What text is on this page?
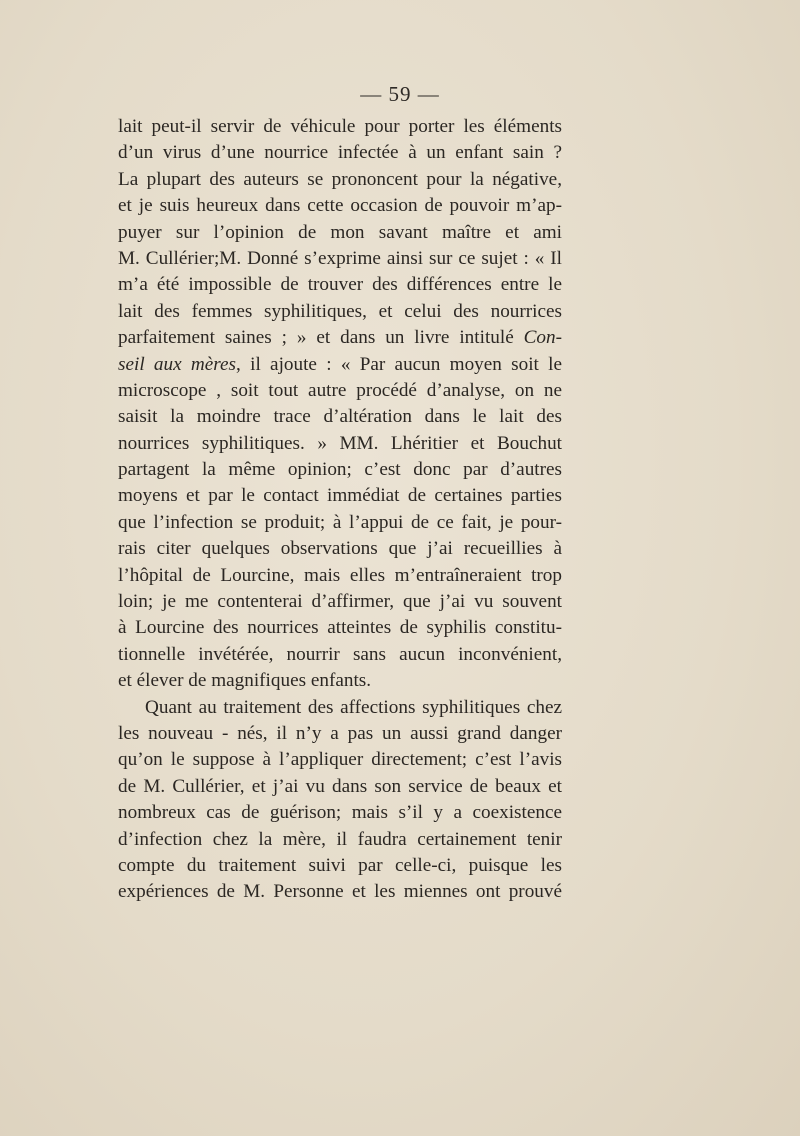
— 59 —
lait peut-il servir de véhicule pour porter les éléments
d’un virus d’une nourrice infectée à un enfant sain ?
La plupart des auteurs se prononcent pour la négative,
et je suis heureux dans cette occasion de pouvoir m’ap-
puyer sur l’opinion de mon savant maître et ami
M. Cullérier;M. Donné s’exprime ainsi sur ce sujet : « Il
m’a été impossible de trouver des différences entre le
lait des femmes syphilitiques, et celui des nourrices
parfaitement saines ; » et dans un livre intitulé Con-
seil aux mères, il ajoute : « Par aucun moyen soit le
microscope , soit tout autre procédé d’analyse, on ne
saisit la moindre trace d’altération dans le lait des
nourrices syphilitiques. » MM. Lhéritier et Bouchut
partagent la même opinion; c’est donc par d’autres
moyens et par le contact immédiat de certaines parties
que l’infection se produit; à l’appui de ce fait, je pour-
rais citer quelques observations que j’ai recueillies à
l’hôpital de Lourcine, mais elles m’entraîneraient trop
loin; je me contenterai d’affirmer, que j’ai vu souvent
à Lourcine des nourrices atteintes de syphilis constitu-
tionnelle invétérée, nourrir sans aucun inconvénient,
et élever de magnifiques enfants.
Quant au traitement des affections syphilitiques chez
les nouveau - nés, il n’y a pas un aussi grand danger
qu’on le suppose à l’appliquer directement; c’est l’avis
de M. Cullérier, et j’ai vu dans son service de beaux et
nombreux cas de guérison; mais s’il y a coexistence
d’infection chez la mère, il faudra certainement tenir
compte du traitement suivi par celle-ci, puisque les
expériences de M. Personne et les miennes ont prouvé
